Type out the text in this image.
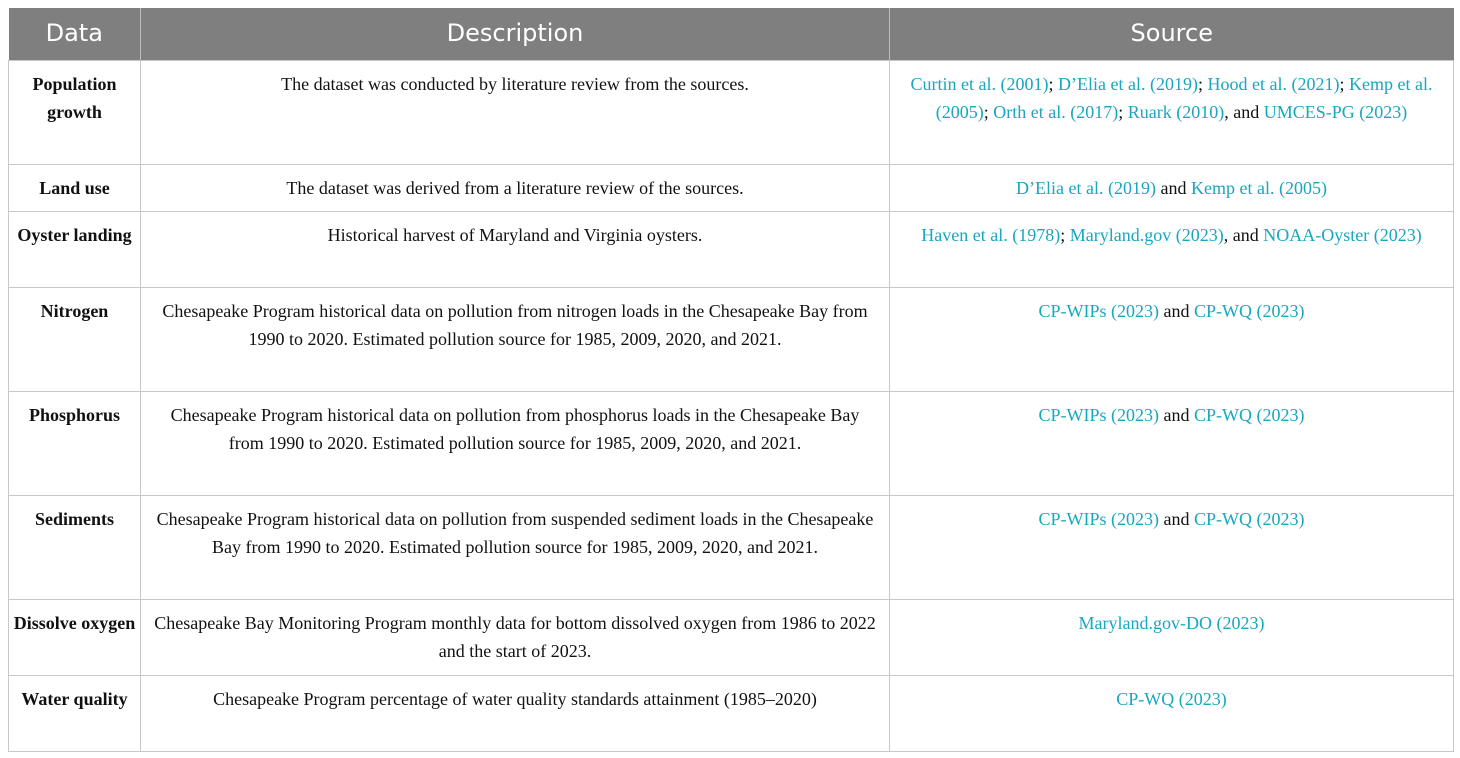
Data	Description	Source
Population growth	The dataset was conducted by literature review from the sources.	Curtin et al. (2001); D’Elia et al. (2019); Hood et al. (2021); Kemp et al. (2005); Orth et al. (2017); Ruark (2010), and UMCES-PG (2023)
Land use	The dataset was derived from a literature review of the sources.	D’Elia et al. (2019) and Kemp et al. (2005)
Oyster landing	Historical harvest of Maryland and Virginia oysters.	Haven et al. (1978); Maryland.gov (2023), and NOAA-Oyster (2023)
Nitrogen	Chesapeake Program historical data on pollution from nitrogen loads in the Chesapeake Bay from 1990 to 2020. Estimated pollution source for 1985, 2009, 2020, and 2021.	CP-WIPs (2023) and CP-WQ (2023)
Phosphorus	Chesapeake Program historical data on pollution from phosphorus loads in the Chesapeake Bay from 1990 to 2020. Estimated pollution source for 1985, 2009, 2020, and 2021.	CP-WIPs (2023) and CP-WQ (2023)
Sediments	Chesapeake Program historical data on pollution from suspended sediment loads in the Chesapeake Bay from 1990 to 2020. Estimated pollution source for 1985, 2009, 2020, and 2021.	CP-WIPs (2023) and CP-WQ (2023)
Dissolve oxygen	Chesapeake Bay Monitoring Program monthly data for bottom dissolved oxygen from 1986 to 2022 and the start of 2023.	Maryland.gov-DO (2023)
Water quality	Chesapeake Program percentage of water quality standards attainment (1985–2020)	CP-WQ (2023)
